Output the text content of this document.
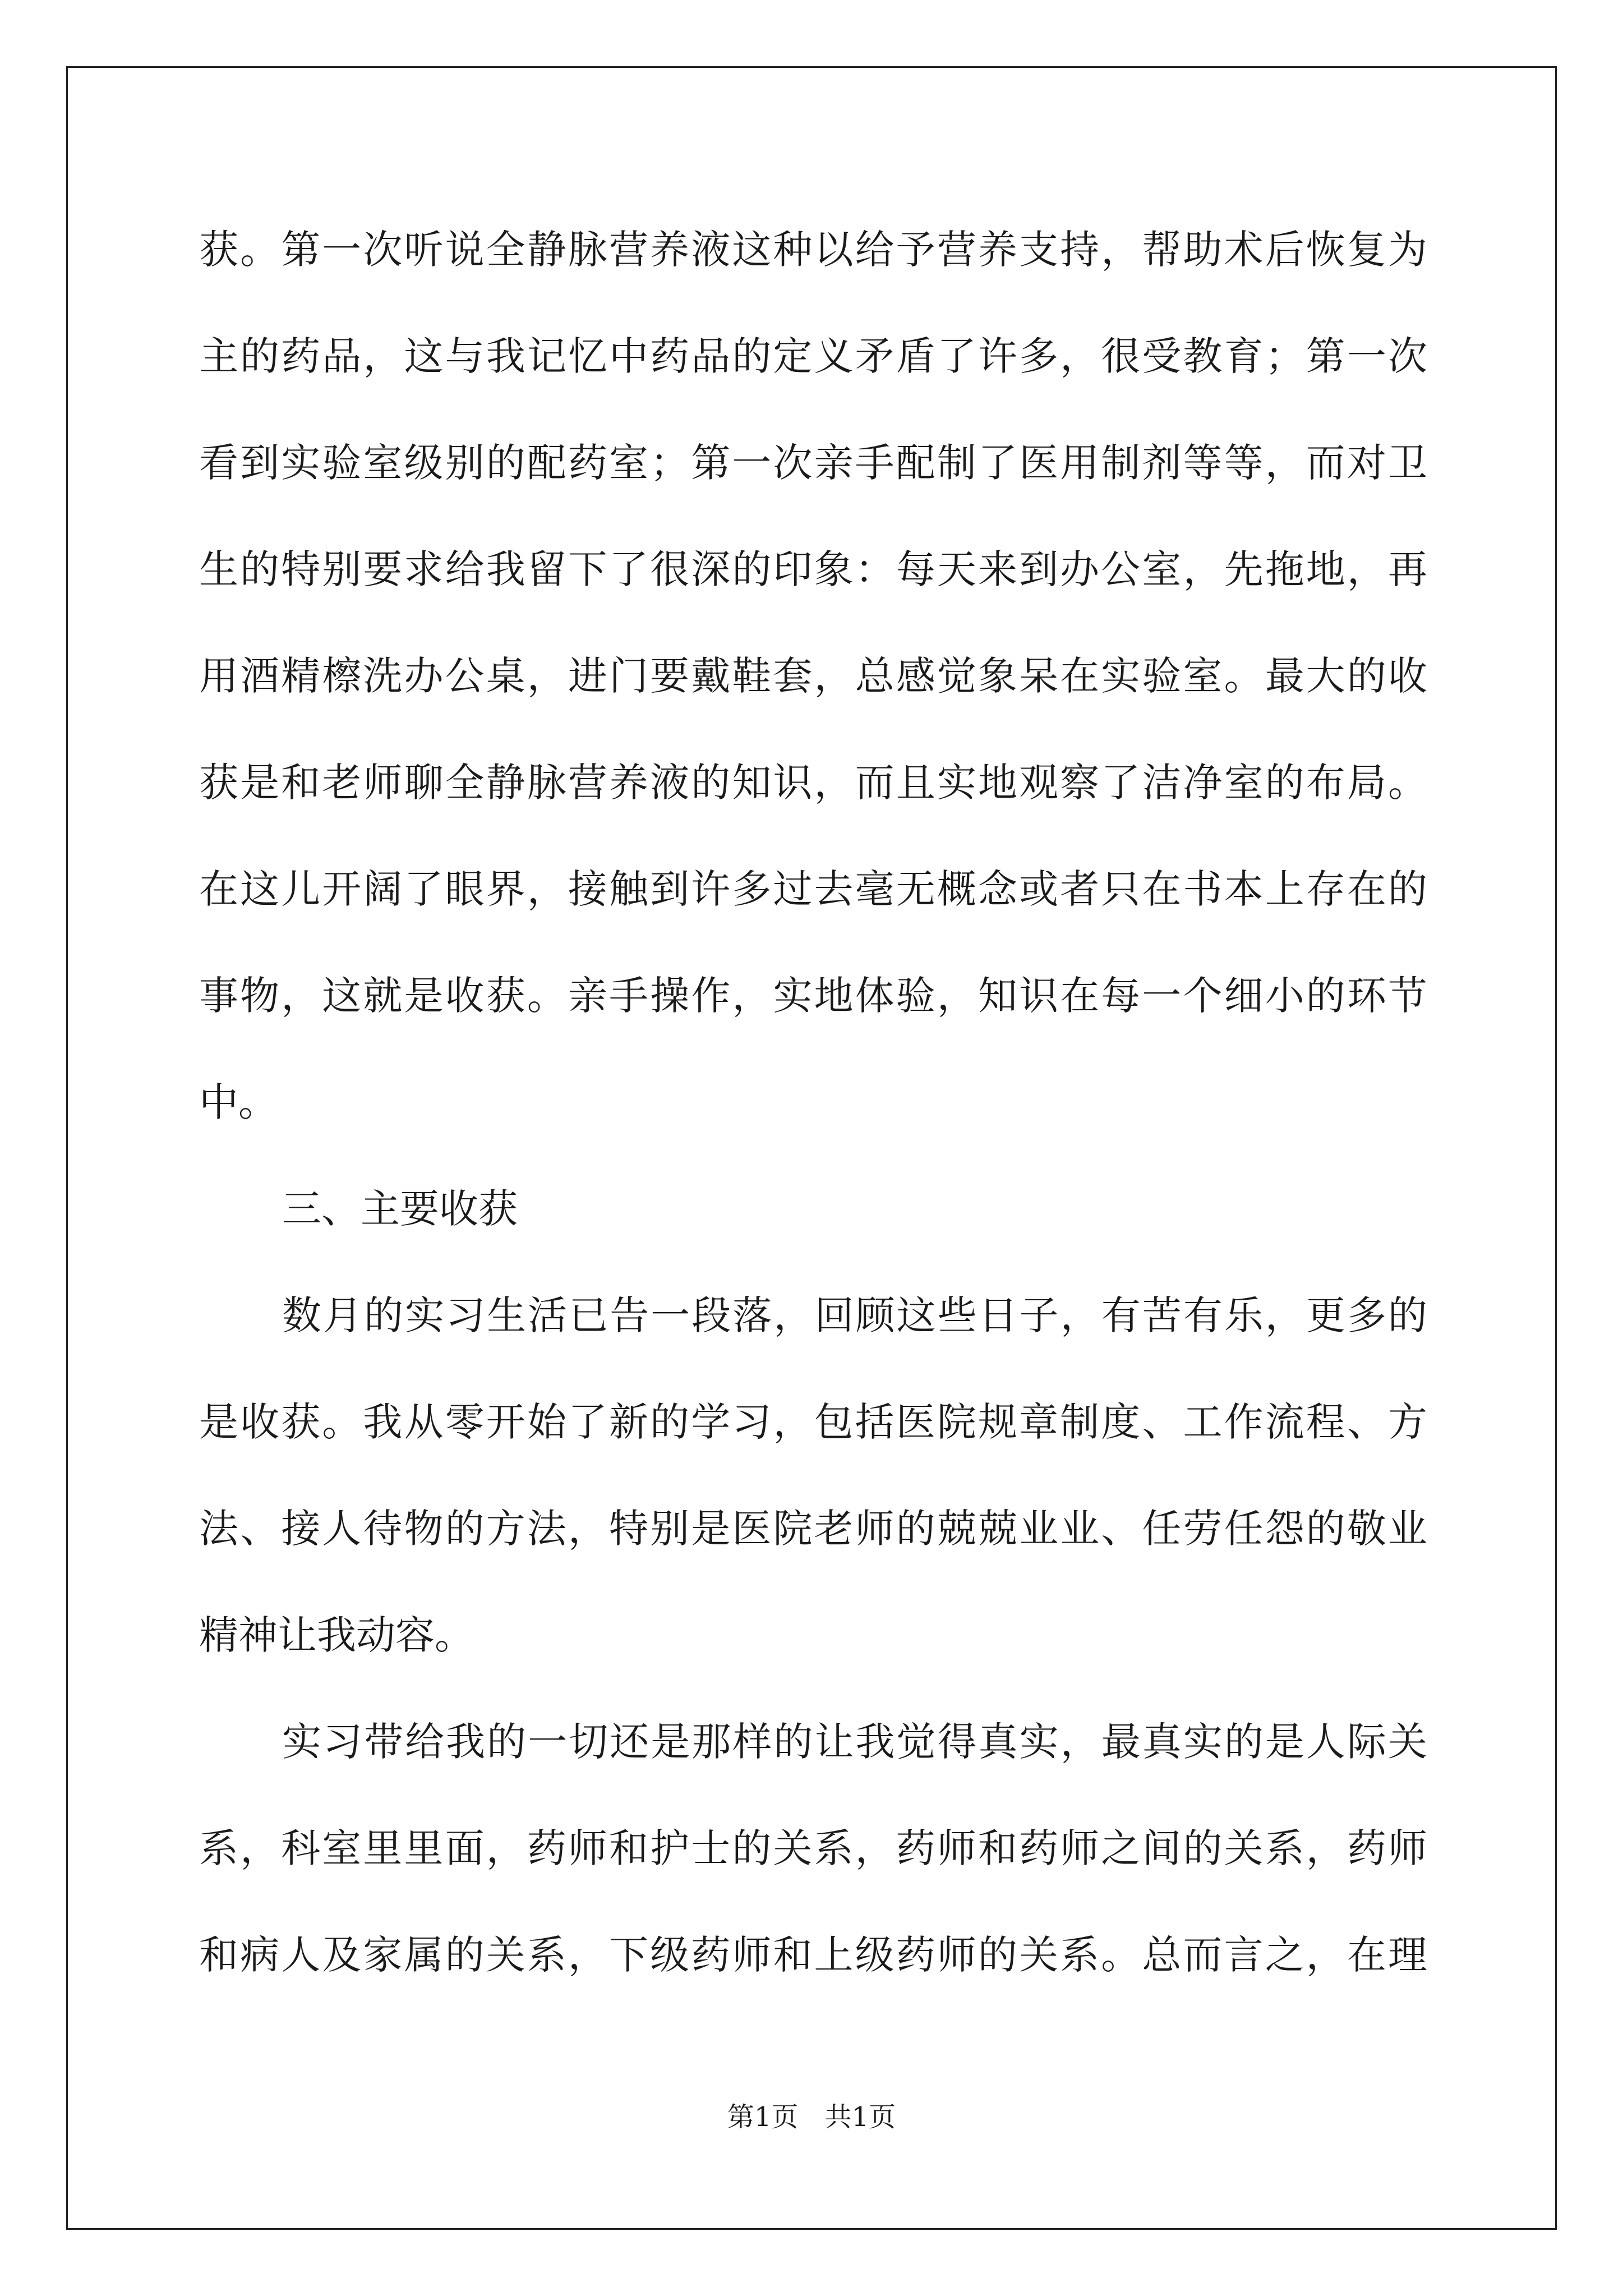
获。第一次听说全静脉营养液这种以给予营养支持，帮助术后恢复为
主的药品，这与我记忆中药品的定义矛盾了许多，很受教育；第一次
看到实验室级别的配药室；第一次亲手配制了医用制剂等等，而对卫
生的特别要求给我留下了很深的印象：每天来到办公室，先拖地，再
用酒精檫洗办公桌，进门要戴鞋套，总感觉象呆在实验室。最大的收
获是和老师聊全静脉营养液的知识，而且实地观察了洁净室的布局。
在这儿开阔了眼界，接触到许多过去毫无概念或者只在书本上存在的
事物，这就是收获。亲手操作，实地体验，知识在每一个细小的环节
中。
三、主要收获
数月的实习生活已告一段落，回顾这些日子，有苦有乐，更多的
是收获。我从零开始了新的学习，包括医院规章制度、工作流程、方
法、接人待物的方法，特别是医院老师的兢兢业业、任劳任怨的敬业
精神让我动容。
实习带给我的一切还是那样的让我觉得真实，最真实的是人际关
系，科室里里面，药师和护士的关系，药师和药师之间的关系，药师
和病人及家属的关系，下级药师和上级药师的关系。总而言之，在理
第1页 共1页
